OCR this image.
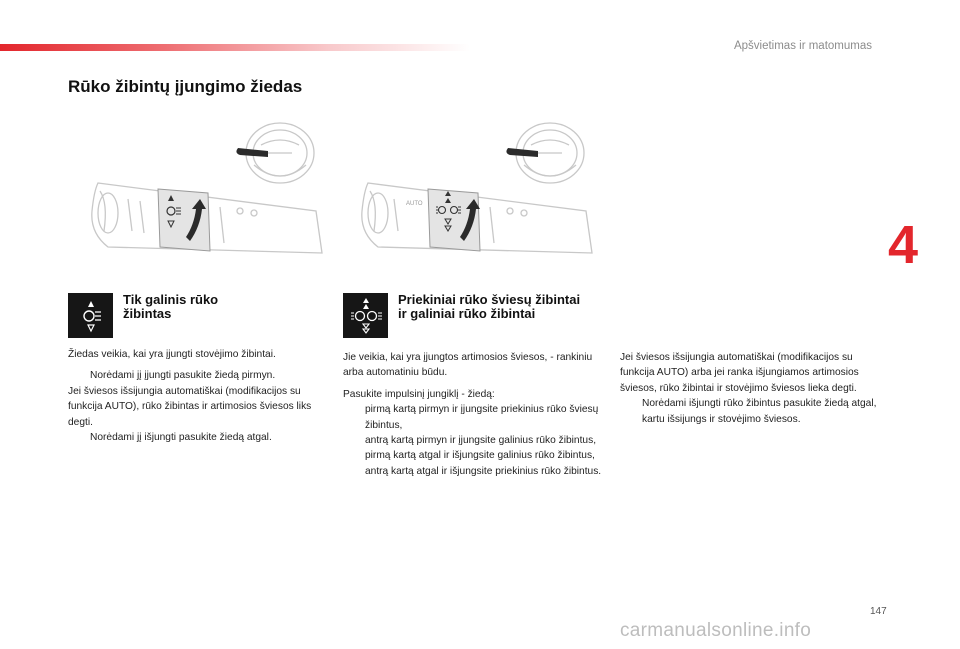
Apšvietimas ir matomumas
4
Rūko žibintų įjungimo žiedas
AUTO
Tik galinis rūko žibintas
Priekiniai rūko šviesų žibintai ir galiniai rūko žibintai

Žiedas veikia, kai yra įjungti stovėjimo žibintai.

Norėdami jį įjungti pasukite žiedą pirmyn.
Jei šviesos išsijungia automatiškai (modifikacijos su funkcija AUTO), rūko žibintas ir artimosios šviesos liks degti.
Norėdami jį išjungti pasukite žiedą atgal.

Jie veikia, kai yra įjungtos artimosios šviesos, - rankiniu arba automatiniu būdu.

Pasukite impulsinį jungiklį - žiedą:
pirmą kartą pirmyn ir įjungsite priekinius rūko šviesų žibintus,
antrą kartą pirmyn ir įjungsite galinius rūko žibintus,
pirmą kartą atgal ir išjungsite galinius rūko žibintus,
antrą kartą atgal ir išjungsite priekinius rūko žibintus.
Jei šviesos išsijungia automatiškai (modifikacijos su funkcija AUTO) arba jei ranka išjungiamos artimosios šviesos, rūko žibintai ir stovėjimo šviesos lieka degti.
Norėdami išjungti rūko žibintus pasukite žiedą atgal, kartu išsijungs ir stovėjimo šviesos.
147
carmanualsonline.info
